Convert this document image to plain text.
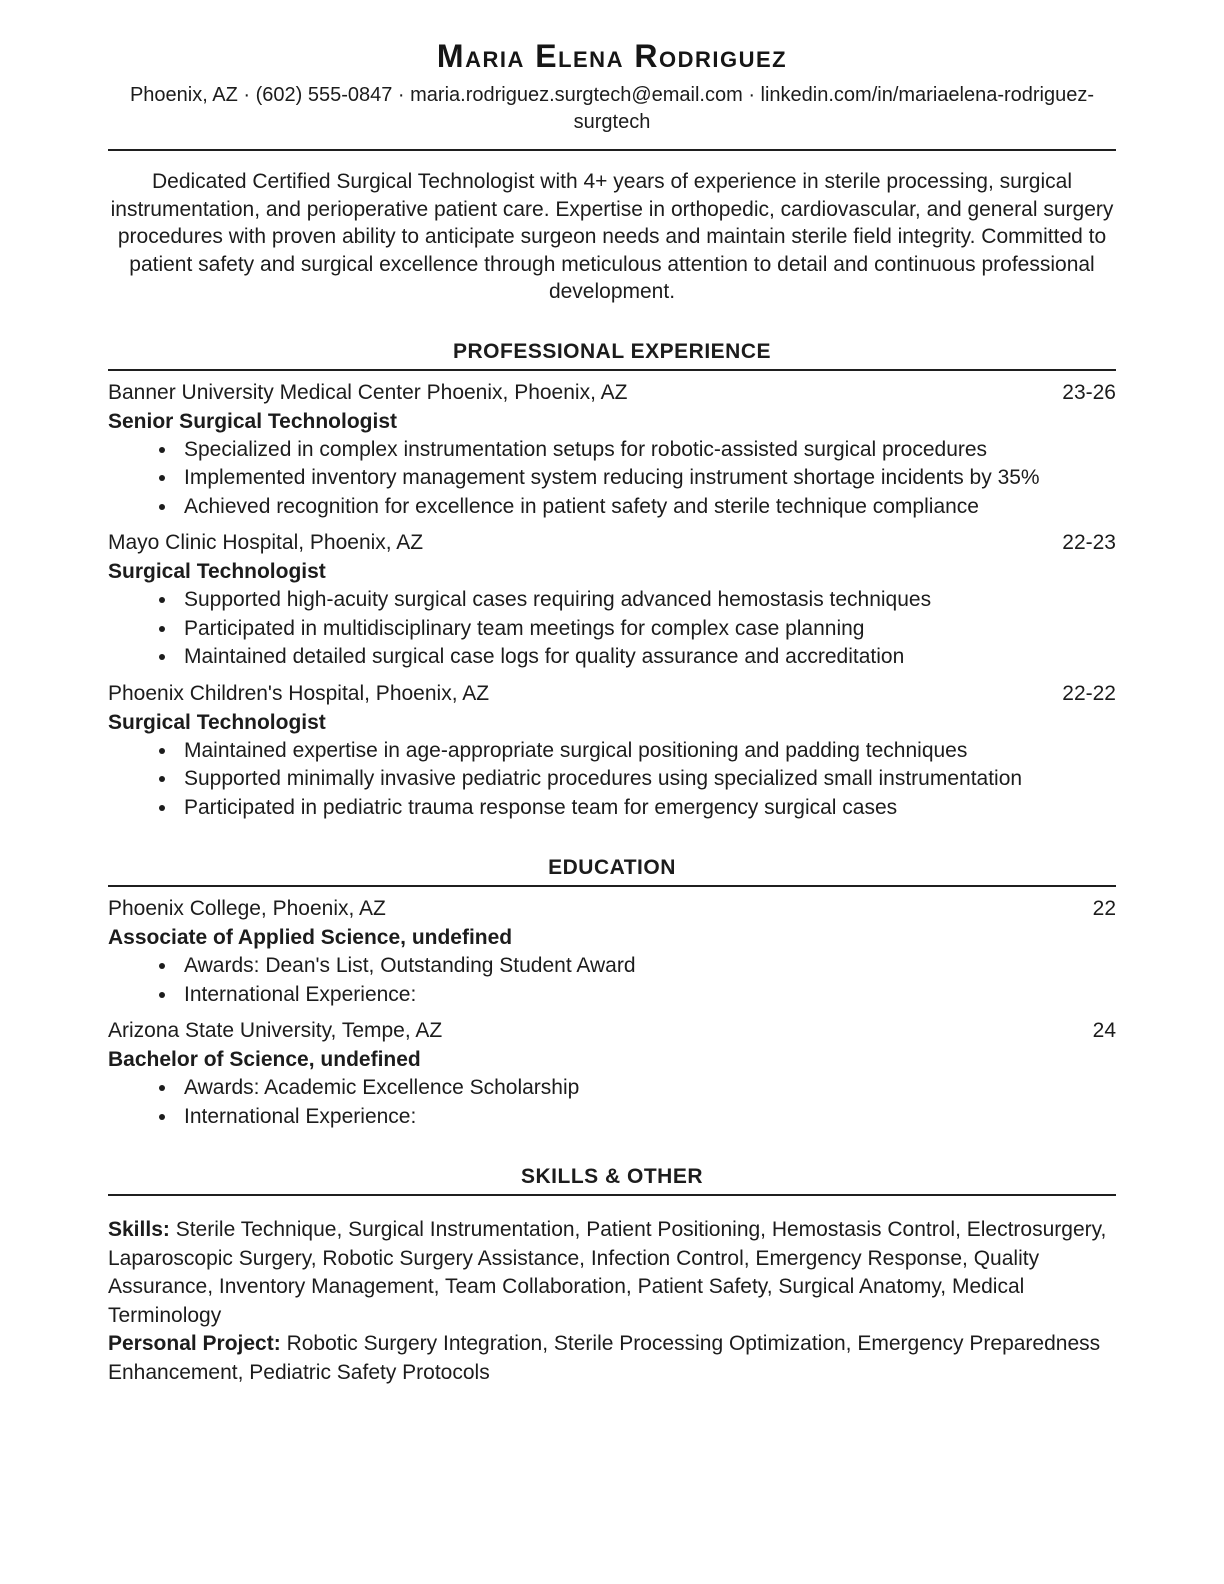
Maria Elena Rodriguez

Phoenix, AZ · (602) 555-0847 · maria.rodriguez.surgtech@email.com · linkedin.com/in/mariaelena-rodriguez-surgtech

Dedicated Certified Surgical Technologist with 4+ years of experience in sterile processing, surgical instrumentation, and perioperative patient care. Expertise in orthopedic, cardiovascular, and general surgery procedures with proven ability to anticipate surgeon needs and maintain sterile field integrity. Committed to patient safety and surgical excellence through meticulous attention to detail and continuous professional development.

PROFESSIONAL EXPERIENCE
Banner University Medical Center Phoenix, Phoenix, AZ	23-26
Senior Surgical Technologist
• Specialized in complex instrumentation setups for robotic-assisted surgical procedures
• Implemented inventory management system reducing instrument shortage incidents by 35%
• Achieved recognition for excellence in patient safety and sterile technique compliance
Mayo Clinic Hospital, Phoenix, AZ	22-23
Surgical Technologist
• Supported high-acuity surgical cases requiring advanced hemostasis techniques
• Participated in multidisciplinary team meetings for complex case planning
• Maintained detailed surgical case logs for quality assurance and accreditation
Phoenix Children's Hospital, Phoenix, AZ	22-22
Surgical Technologist
• Maintained expertise in age-appropriate surgical positioning and padding techniques
• Supported minimally invasive pediatric procedures using specialized small instrumentation
• Participated in pediatric trauma response team for emergency surgical cases
EDUCATION
Phoenix College, Phoenix, AZ	22
Associate of Applied Science, undefined
• Awards: Dean's List, Outstanding Student Award
• International Experience:
Arizona State University, Tempe, AZ	24
Bachelor of Science, undefined
• Awards: Academic Excellence Scholarship
• International Experience:
SKILLS & OTHER

Skills: Sterile Technique, Surgical Instrumentation, Patient Positioning, Hemostasis Control, Electrosurgery, Laparoscopic Surgery, Robotic Surgery Assistance, Infection Control, Emergency Response, Quality Assurance, Inventory Management, Team Collaboration, Patient Safety, Surgical Anatomy, Medical Terminology

Personal Project: Robotic Surgery Integration, Sterile Processing Optimization, Emergency Preparedness Enhancement, Pediatric Safety Protocols
